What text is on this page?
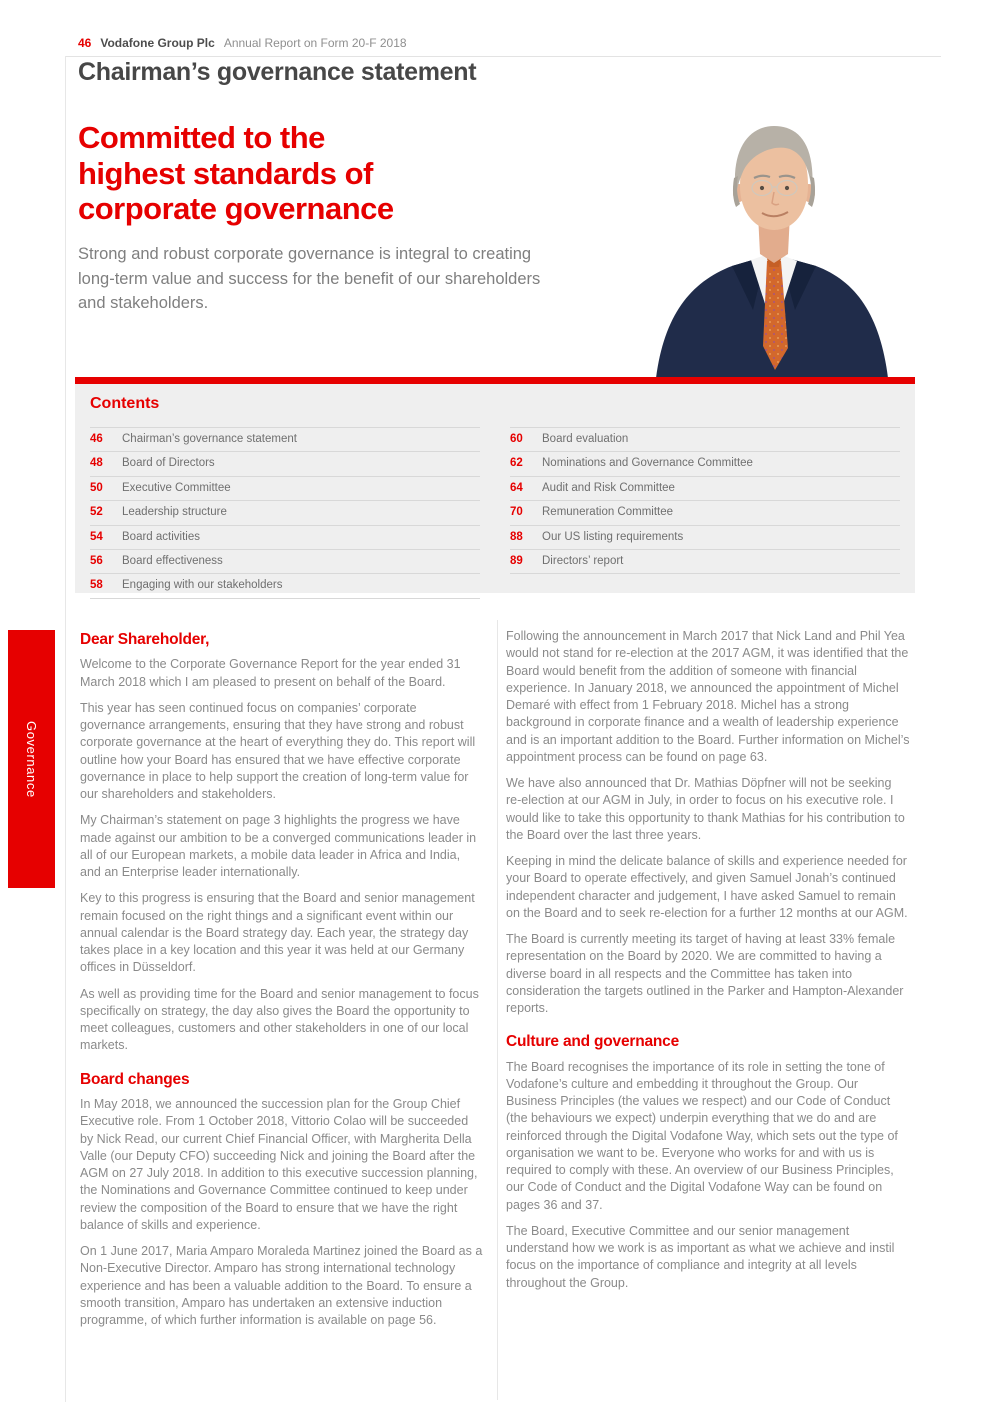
46 Vodafone Group Plc Annual Report on Form 20-F 2018
Chairman’s governance statement
Committed to the
highest standards of
corporate governance

Strong and robust corporate governance is integral to creating long-term value and success for the benefit of our shareholders and stakeholders.

Contents
46	Chairman’s governance statement
48	Board of Directors
50	Executive Committee
52	Leadership structure
54	Board activities
56	Board effectiveness
58	Engaging with our stakeholders
60	Board evaluation
62	Nominations and Governance Committee
64	Audit and Risk Committee
70	Remuneration Committee
88	Our US listing requirements
89	Directors’ report
Governance
Dear Shareholder,

Welcome to the Corporate Governance Report for the year ended 31 March 2018 which I am pleased to present on behalf of the Board.

This year has seen continued focus on companies’ corporate governance arrangements, ensuring that they have strong and robust corporate governance at the heart of everything they do. This report will outline how your Board has ensured that we have effective corporate governance in place to help support the creation of long-term value for our shareholders and stakeholders.

My Chairman’s statement on page 3 highlights the progress we have made against our ambition to be a converged communications leader in all of our European markets, a mobile data leader in Africa and India, and an Enterprise leader internationally.

Key to this progress is ensuring that the Board and senior management remain focused on the right things and a significant event within our annual calendar is the Board strategy day. Each year, the strategy day takes place in a key location and this year it was held at our Germany offices in Düsseldorf.

As well as providing time for the Board and senior management to focus specifically on strategy, the day also gives the Board the opportunity to meet colleagues, customers and other stakeholders in one of our local markets.

Board changes

In May 2018, we announced the succession plan for the Group Chief Executive role. From 1 October 2018, Vittorio Colao will be succeeded by Nick Read, our current Chief Financial Officer, with Margherita Della Valle (our Deputy CFO) succeeding Nick and joining the Board after the AGM on 27 July 2018. In addition to this executive succession planning, the Nominations and Governance Committee continued to keep under review the composition of the Board to ensure that we have the right balance of skills and experience.

On 1 June 2017, Maria Amparo Moraleda Martinez joined the Board as a Non-Executive Director. Amparo has strong international technology experience and has been a valuable addition to the Board. To ensure a smooth transition, Amparo has undertaken an extensive induction programme, of which further information is available on page 56.

Following the announcement in March 2017 that Nick Land and Phil Yea would not stand for re-election at the 2017 AGM, it was identified that the Board would benefit from the addition of someone with financial experience. In January 2018, we announced the appointment of Michel Demaré with effect from 1 February 2018. Michel has a strong background in corporate finance and a wealth of leadership experience and is an important addition to the Board. Further information on Michel’s appointment process can be found on page 63.

We have also announced that Dr. Mathias Döpfner will not be seeking re-election at our AGM in July, in order to focus on his executive role. I would like to take this opportunity to thank Mathias for his contribution to the Board over the last three years.

Keeping in mind the delicate balance of skills and experience needed for your Board to operate effectively, and given Samuel Jonah’s continued independent character and judgement, I have asked Samuel to remain on the Board and to seek re-election for a further 12 months at our AGM.

The Board is currently meeting its target of having at least 33% female representation on the Board by 2020. We are committed to having a diverse board in all respects and the Committee has taken into consideration the targets outlined in the Parker and Hampton-Alexander reports.

Culture and governance

The Board recognises the importance of its role in setting the tone of Vodafone’s culture and embedding it throughout the Group. Our Business Principles (the values we respect) and our Code of Conduct (the behaviours we expect) underpin everything that we do and are reinforced through the Digital Vodafone Way, which sets out the type of organisation we want to be. Everyone who works for and with us is required to comply with these. An overview of our Business Principles, our Code of Conduct and the Digital Vodafone Way can be found on pages 36 and 37.

The Board, Executive Committee and our senior management understand how we work is as important as what we achieve and instil focus on the importance of compliance and integrity at all levels throughout the Group.
